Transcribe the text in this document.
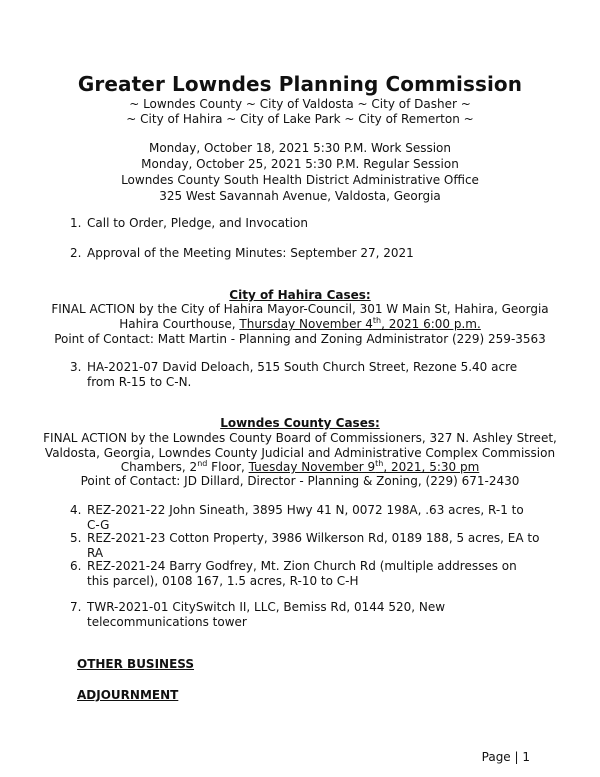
Greater Lowndes Planning Commission
~ Lowndes County ~ City of Valdosta ~ City of Dasher ~
~ City of Hahira ~ City of Lake Park ~ City of Remerton ~
Monday, October 18, 2021 5:30 P.M. Work Session
Monday, October 25, 2021 5:30 P.M. Regular Session
Lowndes County South Health District Administrative Office
325 West Savannah Avenue, Valdosta, Georgia
1. Call to Order, Pledge, and Invocation
2. Approval of the Meeting Minutes: September 27, 2021
City of Hahira Cases:
FINAL ACTION by the City of Hahira Mayor-Council, 301 W Main St, Hahira, Georgia
Hahira Courthouse, Thursday November 4th, 2021 6:00 p.m.
Point of Contact: Matt Martin - Planning and Zoning Administrator (229) 259-3563
3. HA-2021-07 David Deloach, 515 South Church Street, Rezone 5.40 acre from R-15 to C-N.
Lowndes County Cases:
FINAL ACTION by the Lowndes County Board of Commissioners, 327 N. Ashley Street,
Valdosta, Georgia, Lowndes County Judicial and Administrative Complex Commission
Chambers, 2nd Floor, Tuesday November 9th, 2021, 5:30 pm
Point of Contact: JD Dillard, Director - Planning & Zoning, (229) 671-2430
4. REZ-2021-22 John Sineath, 3895 Hwy 41 N, 0072 198A, .63 acres, R-1 to C-G
5. REZ-2021-23 Cotton Property, 3986 Wilkerson Rd, 0189 188, 5 acres, EA to RA
6. REZ-2021-24 Barry Godfrey, Mt. Zion Church Rd (multiple addresses on this parcel), 0108 167, 1.5 acres, R-10 to C-H
7. TWR-2021-01 CitySwitch II, LLC, Bemiss Rd, 0144 520, New telecommunications tower
OTHER BUSINESS
ADJOURNMENT
Page | 1
